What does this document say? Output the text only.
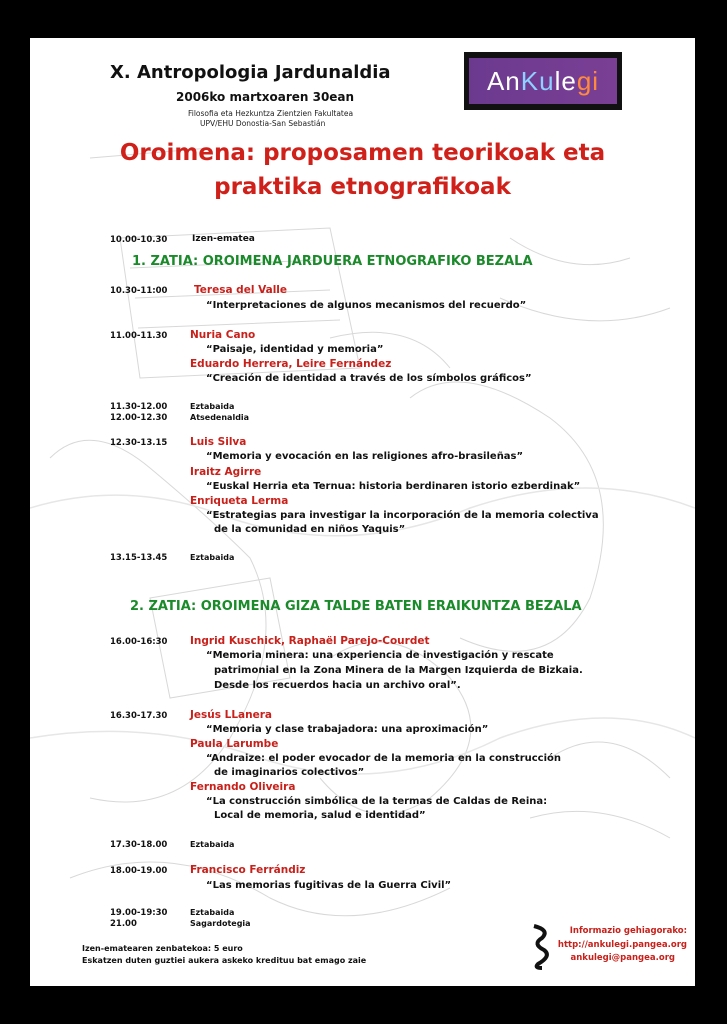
X. Antropologia Jardunaldia
2006ko martxoaren 30ean
Filosofia eta Hezkuntza Zientzien Fakultatea
UPV/EHU Donostia-San Sebastián
An Ku le gi
Oroimena: proposamen teorikoak eta
praktika etnografikoak
10.00-10.30	Izen-ematea
1. ZATIA: OROIMENA JARDUERA ETNOGRAFIKO BEZALA
10.30-11:00	Teresa del Valle
“Interpretaciones de algunos mecanismos del recuerdo”
11.00-11.30 Nuria Cano
“Paisaje, identidad y memoria”
Eduardo Herrera, Leire Fernández
“Creación de identidad a través de los símbolos gráficos”
11.30-12.00	Eztabaida
12.00-12.30	Atsedenaldia
12.30-13.15 Luis Silva
“Memoria y evocación en las religiones afro-brasileñas”
Iraitz Agirre
“Euskal Herria eta Ternua: historia berdinaren istorio ezberdinak”
Enriqueta Lerma
“Estrategias para investigar la incorporación de la memoria colectiva
de la comunidad en niños Yaquis”
13.15-13.45	Eztabaida
2. ZATIA: OROIMENA GIZA TALDE BATEN ERAIKUNTZA BEZALA
16.00-16:30 Ingrid Kuschick, Raphaël Parejo-Courdet
“Memoria minera: una experiencia de investigación y rescate
patrimonial en la Zona Minera de la Margen Izquierda de Bizkaia.
Desde los recuerdos hacia un archivo oral”.
16.30-17.30 Jesús LLanera
“Memoria y clase trabajadora: una aproximación”
Paula Larumbe
“Andraize: el poder evocador de la memoria en la construcción
de imaginarios colectivos”
Fernando Oliveira
“La construcción simbólica de la termas de Caldas de Reina:
Local de memoria, salud e identidad”
17.30-18.00	Eztabaida
18.00-19.00 Francisco Ferrándiz
“Las memorias fugitivas de la Guerra Civil”
19.00-19:30	Eztabaida
21.00	Sagardotegia
Izen-ematearen zenbatekoa: 5 euro
Eskatzen duten guztiei aukera askeko kredituu bat emago zaie
Informazio gehiagorako:
http://ankulegi.pangea.org
ankulegi@pangea.org
